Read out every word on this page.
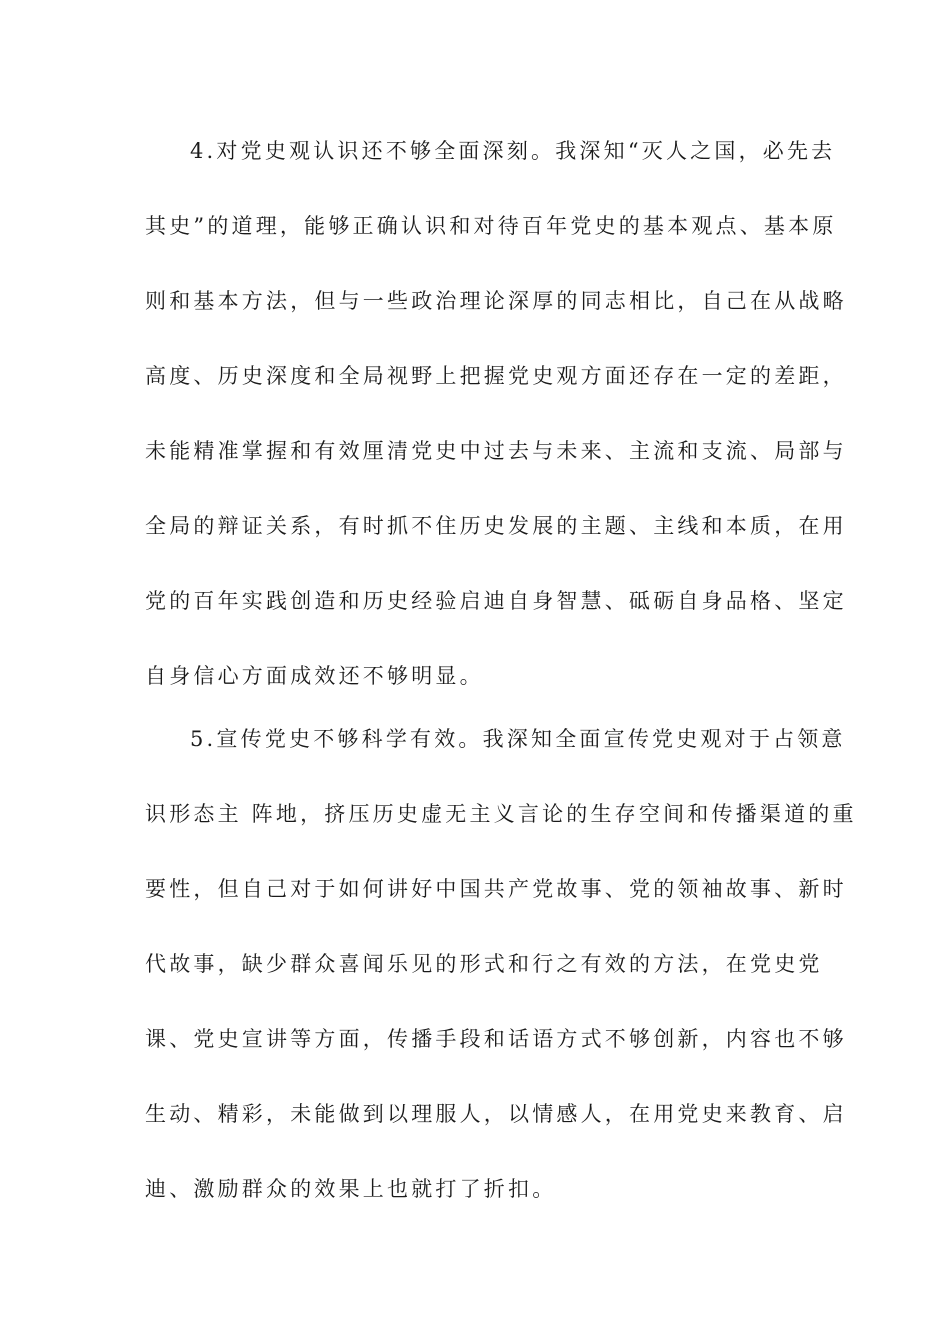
4.对党史观认识还不够全面深刻。我深知“灭人之国，必先去
其史”的道理，能够正确认识和对待百年党史的基本观点、基本原
则和基本方法，但与一些政治理论深厚的同志相比，自己在从战略
高度、历史深度和全局视野上把握党史观方面还存在一定的差距，
未能精准掌握和有效厘清党史中过去与未来、主流和支流、局部与
全局的辩证关系，有时抓不住历史发展的主题、主线和本质，在用
党的百年实践创造和历史经验启迪自身智慧、砥砺自身品格、坚定
自身信心方面成效还不够明显。
5.宣传党史不够科学有效。我深知全面宣传党史观对于占领意
识形态主 阵地，挤压历史虚无主义言论的生存空间和传播渠道的重
要性，但自己对于如何讲好中国共产党故事、党的领袖故事、新时
代故事，缺少群众喜闻乐见的形式和行之有效的方法，在党史党
课、党史宣讲等方面，传播手段和话语方式不够创新，内容也不够
生动、精彩，未能做到以理服人，以情感人，在用党史来教育、启
迪、激励群众的效果上也就打了折扣。
